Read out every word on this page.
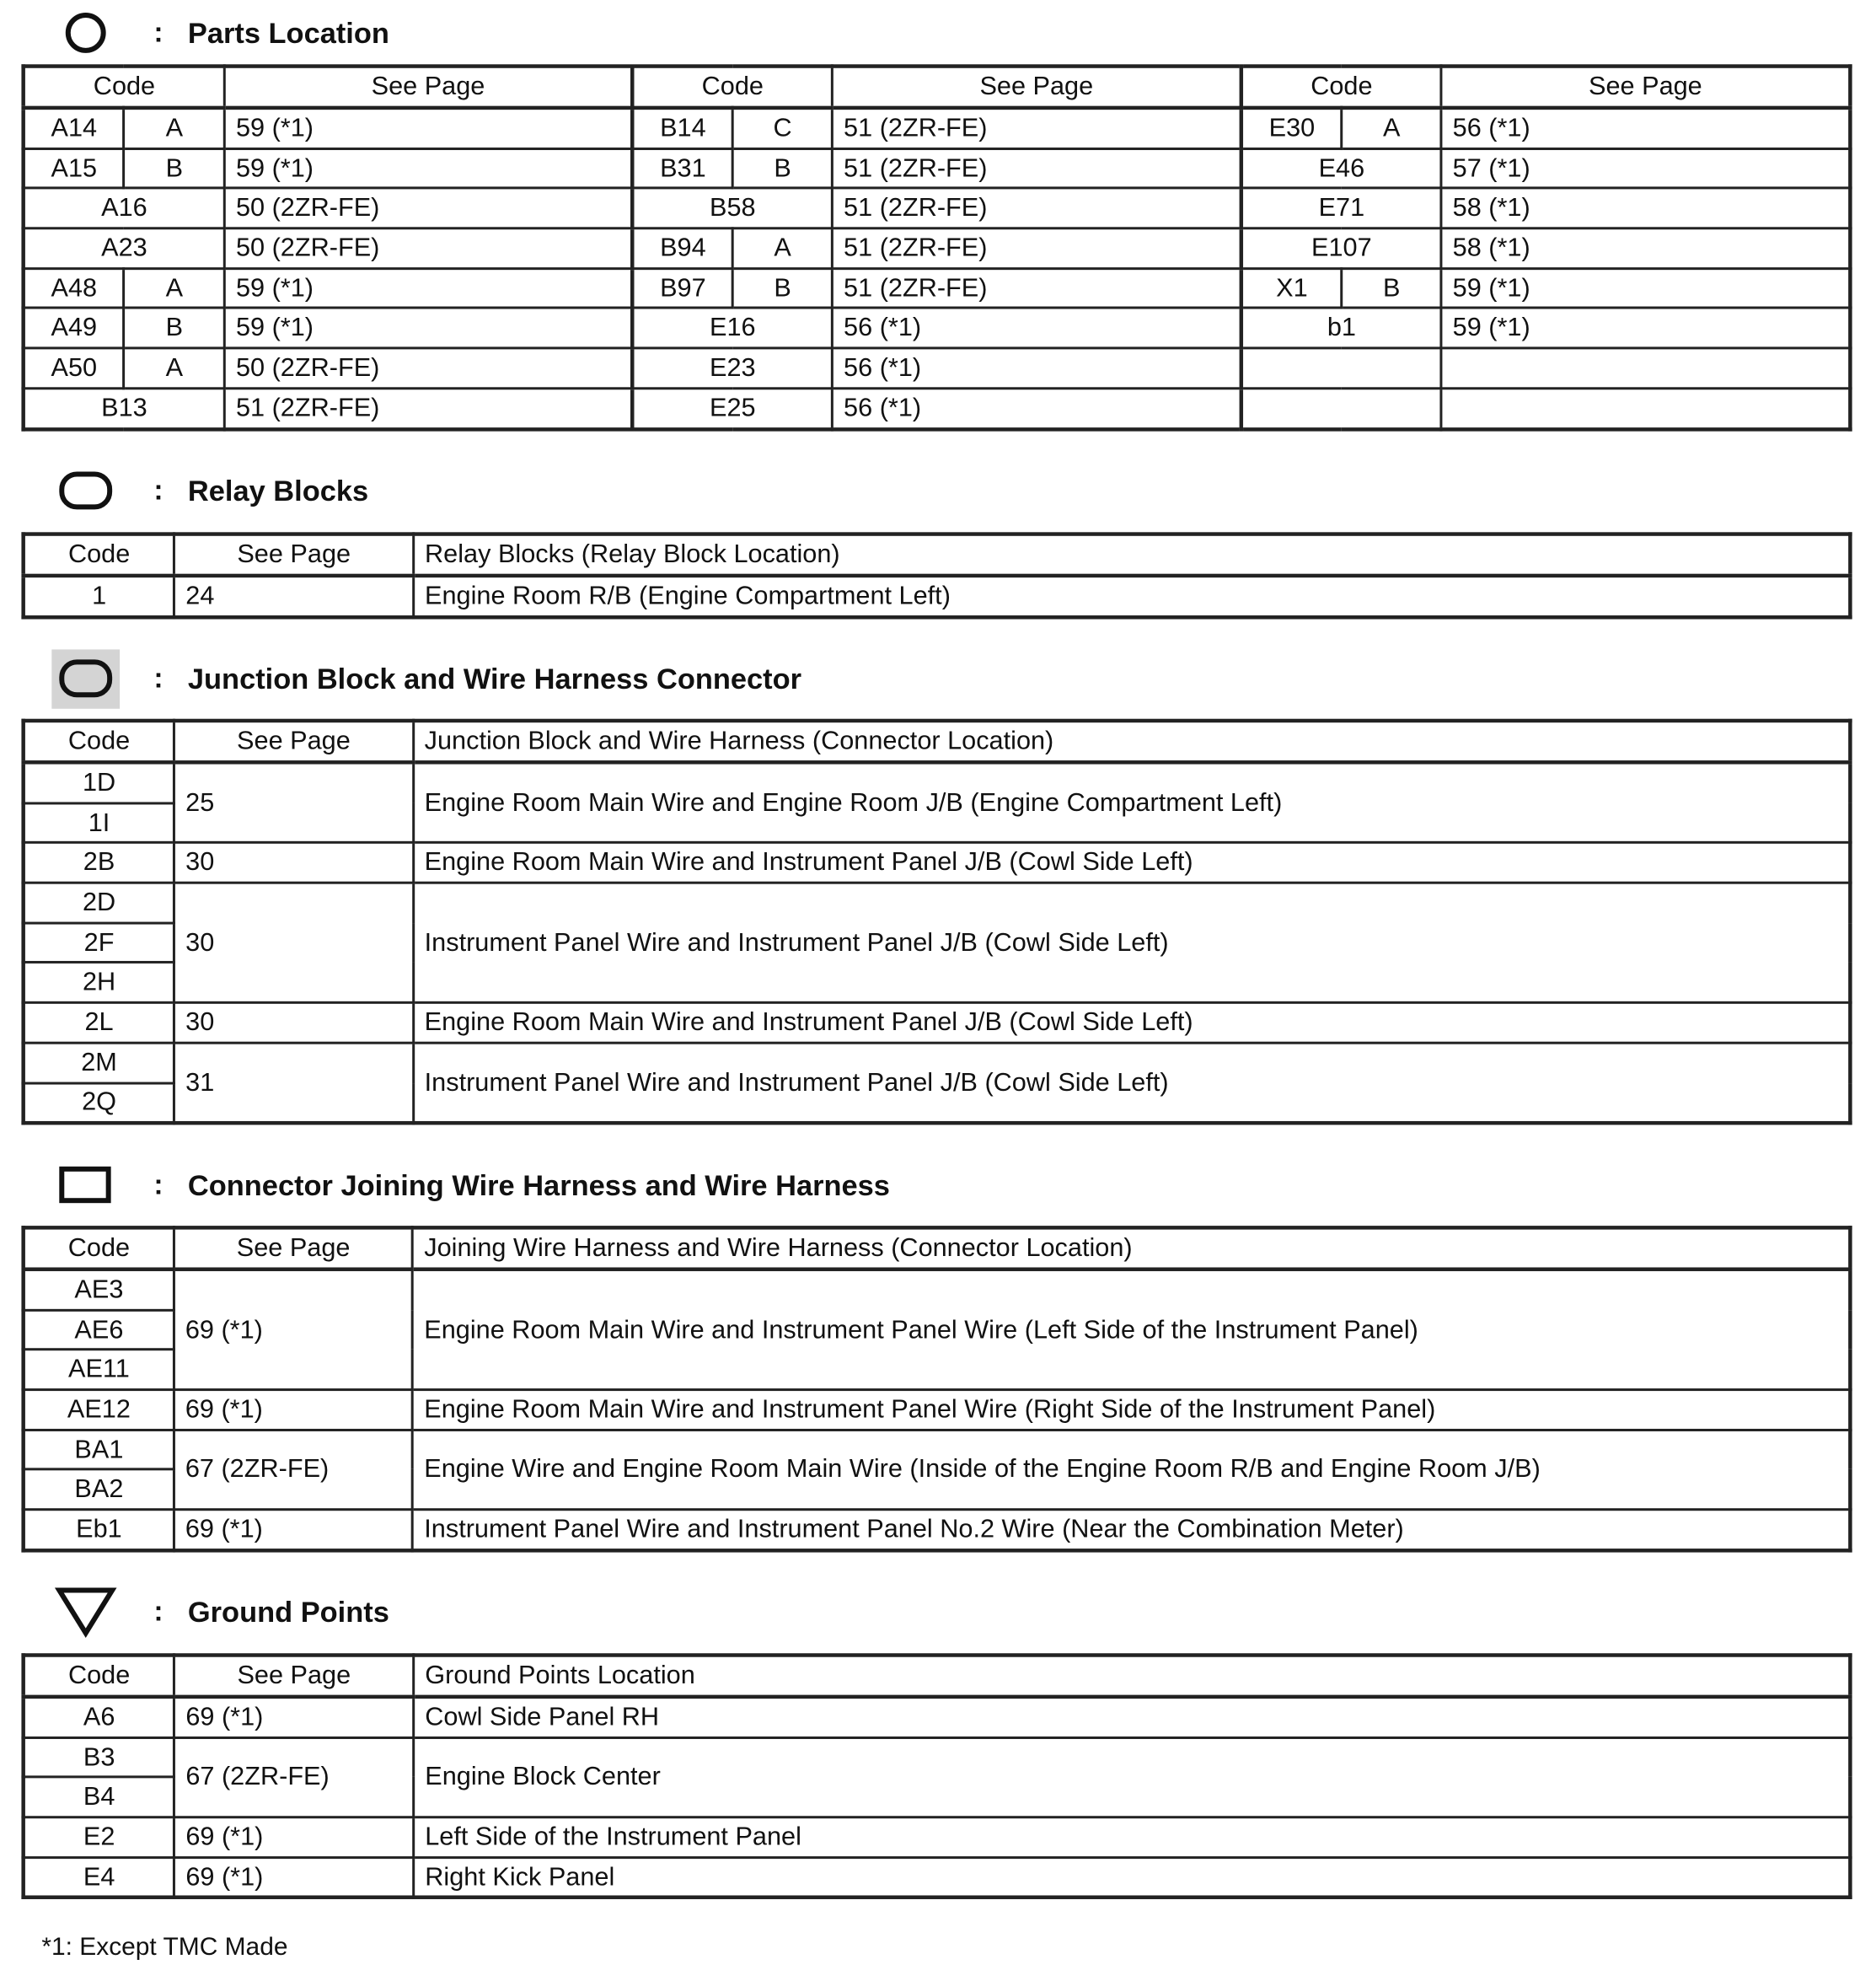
:	Parts Location
Code		See Page	Code		See Page	Code		See Page
A14	A	59 (*1)	B14	C	51 (2ZR-FE)	E30	A	56 (*1)
A15	B	59 (*1)	B31	B	51 (2ZR-FE)	E46		57 (*1)
A16		50 (2ZR-FE)	B58		51 (2ZR-FE)	E71		58 (*1)
A23		50 (2ZR-FE)	B94	A	51 (2ZR-FE)	E107		58 (*1)
A48	A	59 (*1)	B97	B	51 (2ZR-FE)	X1	B	59 (*1)
A49	B	59 (*1)	E16		56 (*1)	b1		59 (*1)
A50	A	50 (2ZR-FE)	E23		56 (*1)			
B13		51 (2ZR-FE)	E25		56 (*1)			
:	Relay Blocks
Code	See Page	Relay Blocks (Relay Block Location)
1	24	Engine Room R/B (Engine Compartment Left)
:	Junction Block and Wire Harness Connector
Code	See Page	Junction Block and Wire Harness (Connector Location)
1D	25	Engine Room Main Wire and Engine Room J/B (Engine Compartment Left)
1I		
2B	30	Engine Room Main Wire and Instrument Panel J/B (Cowl Side Left)
2D	30	Instrument Panel Wire and Instrument Panel J/B (Cowl Side Left)
2F		
2H		
2L	30	Engine Room Main Wire and Instrument Panel J/B (Cowl Side Left)
2M	31	Instrument Panel Wire and Instrument Panel J/B (Cowl Side Left)
2Q		
:	Connector Joining Wire Harness and Wire Harness
Code	See Page	Joining Wire Harness and Wire Harness (Connector Location)
AE3	69 (*1)	Engine Room Main Wire and Instrument Panel Wire (Left Side of the Instrument Panel)
AE6		
AE11		
AE12	69 (*1)	Engine Room Main Wire and Instrument Panel Wire (Right Side of the Instrument Panel)
BA1	67 (2ZR-FE)	Engine Wire and Engine Room Main Wire (Inside of the Engine Room R/B and Engine Room J/B)
BA2		
Eb1	69 (*1)	Instrument Panel Wire and Instrument Panel No.2 Wire (Near the Combination Meter)
:	Ground Points
Code	See Page	Ground Points Location
A6	69 (*1)	Cowl Side Panel RH
B3	67 (2ZR-FE)	Engine Block Center
B4		
E2	69 (*1)	Left Side of the Instrument Panel
E4	69 (*1)	Right Kick Panel
*1: Except TMC Made
